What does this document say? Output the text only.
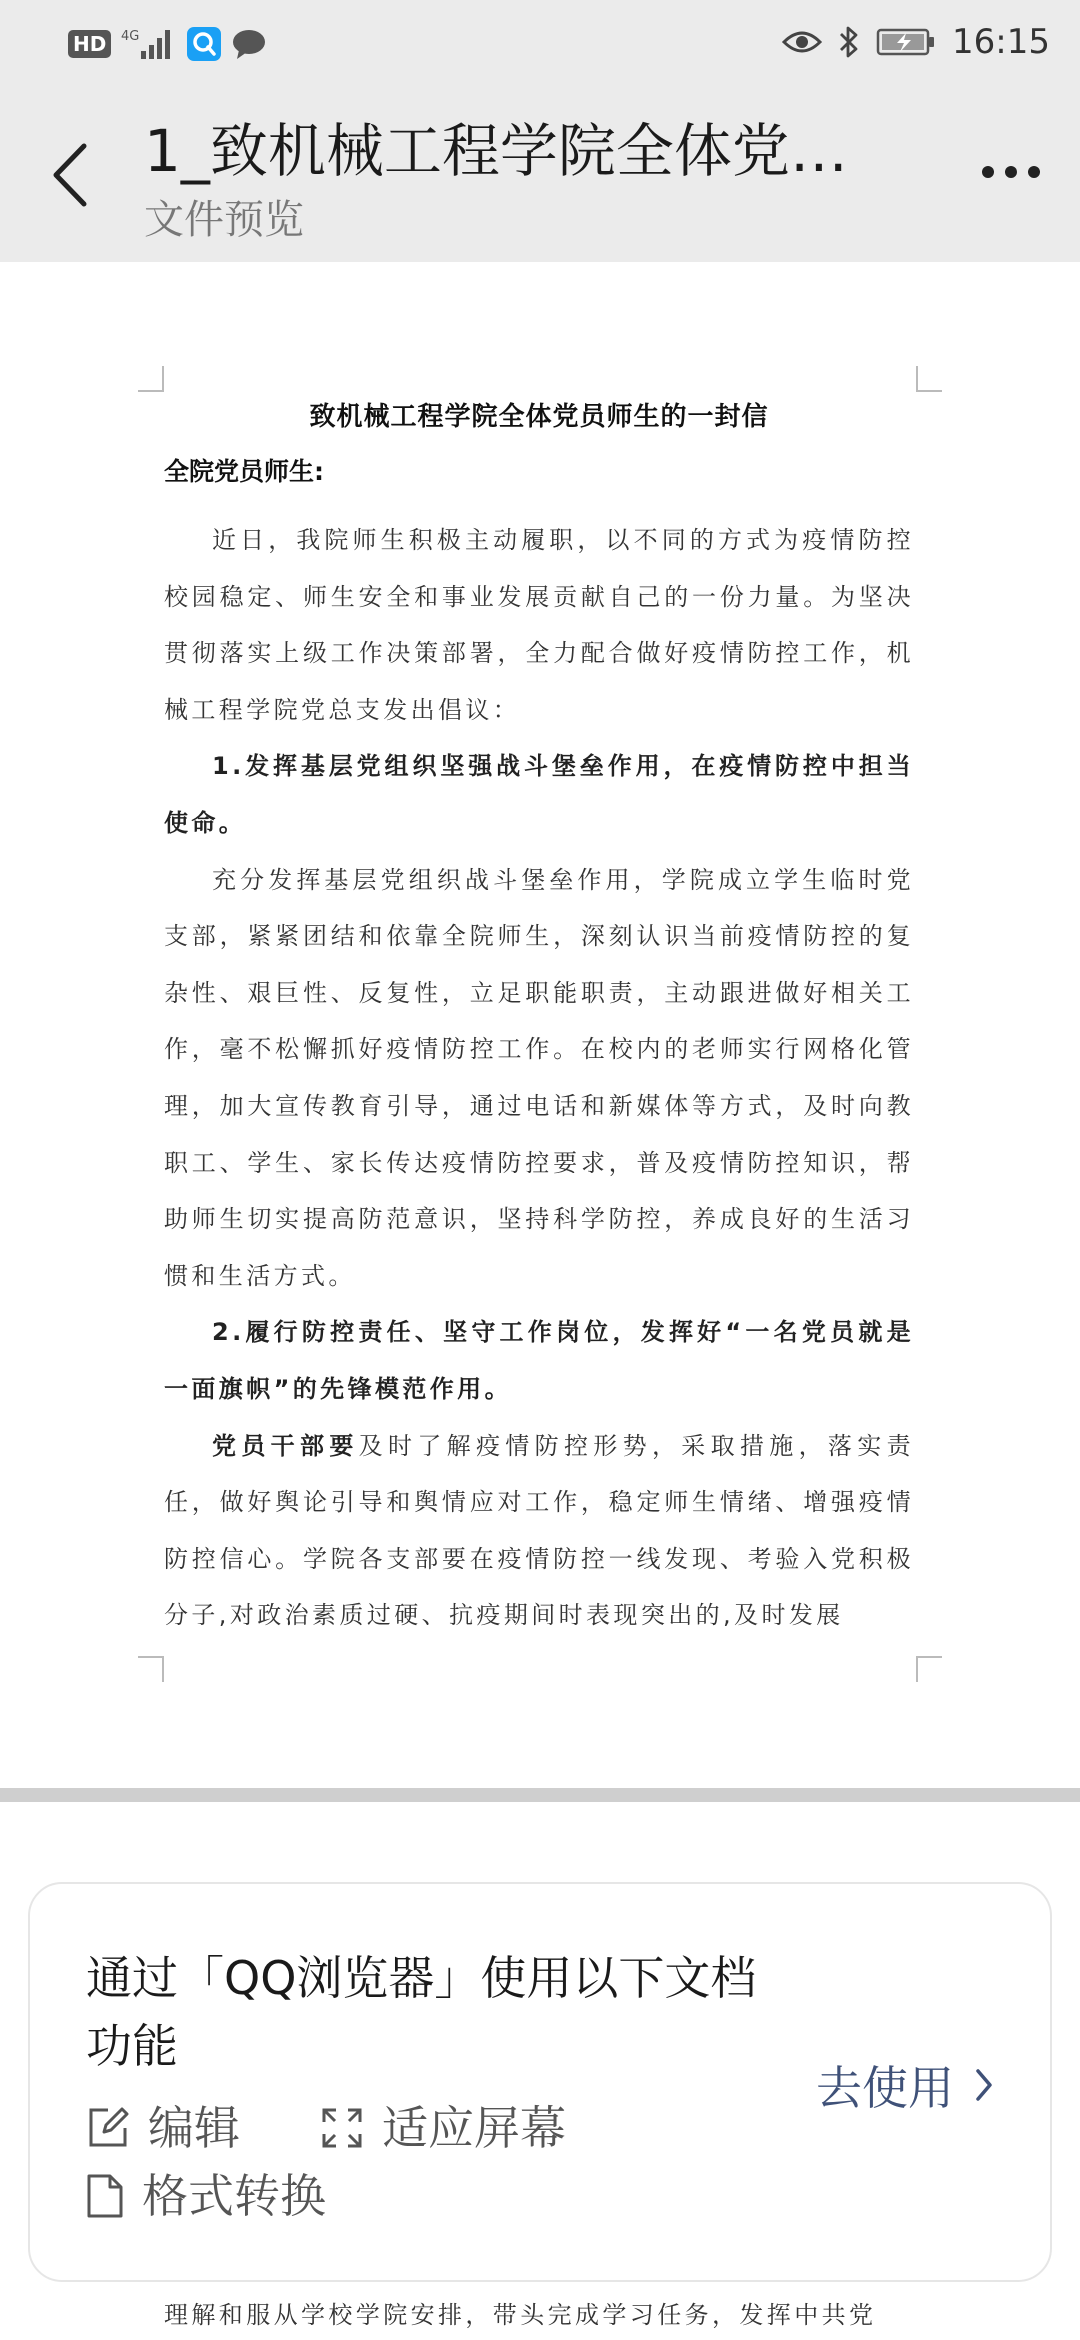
HD	4G	16:15
1_致机械工程学院全体党…
文件预览
致机械工程学院全体党员师生的一封信
全院党员师生:

近日，我院师生积极主动履职，以不同的方式为疫情防控校园稳定、师生安全和事业发展贡献自己的一份力量。为坚决贯彻落实上级工作决策部署，全力配合做好疫情防控工作，机械工程学院党总支发出倡议：

1.发挥基层党组织坚强战斗堡垒作用，在疫情防控中担当使命。

充分发挥基层党组织战斗堡垒作用，学院成立学生临时党支部，紧紧团结和依靠全院师生，深刻认识当前疫情防控的复杂性、艰巨性、反复性，立足职能职责，主动跟进做好相关工作，毫不松懈抓好疫情防控工作。在校内的老师实行网格化管理，加大宣传教育引导，通过电话和新媒体等方式，及时向教职工、学生、家长传达疫情防控要求，普及疫情防控知识，帮助师生切实提高防范意识，坚持科学防控，养成良好的生活习惯和生活方式。

2.履行防控责任、坚守工作岗位，发挥好“一名党员就是一面旗帜”的先锋模范作用。

党员干部要及时了解疫情防控形势，采取措施，落实责任，做好舆论引导和舆情应对工作，稳定师生情绪、增强疫情防控信心。学院各支部要在疫情防控一线发现、考验入党积极分子,对政治素质过硬、抗疫期间时表现突出的,及时发展

通过「QQ浏览器」使用以下文档功能
编辑	适应屏幕
格式转换
去使用
理解和服从学校学院安排，带头完成学习任务，发挥中共党
